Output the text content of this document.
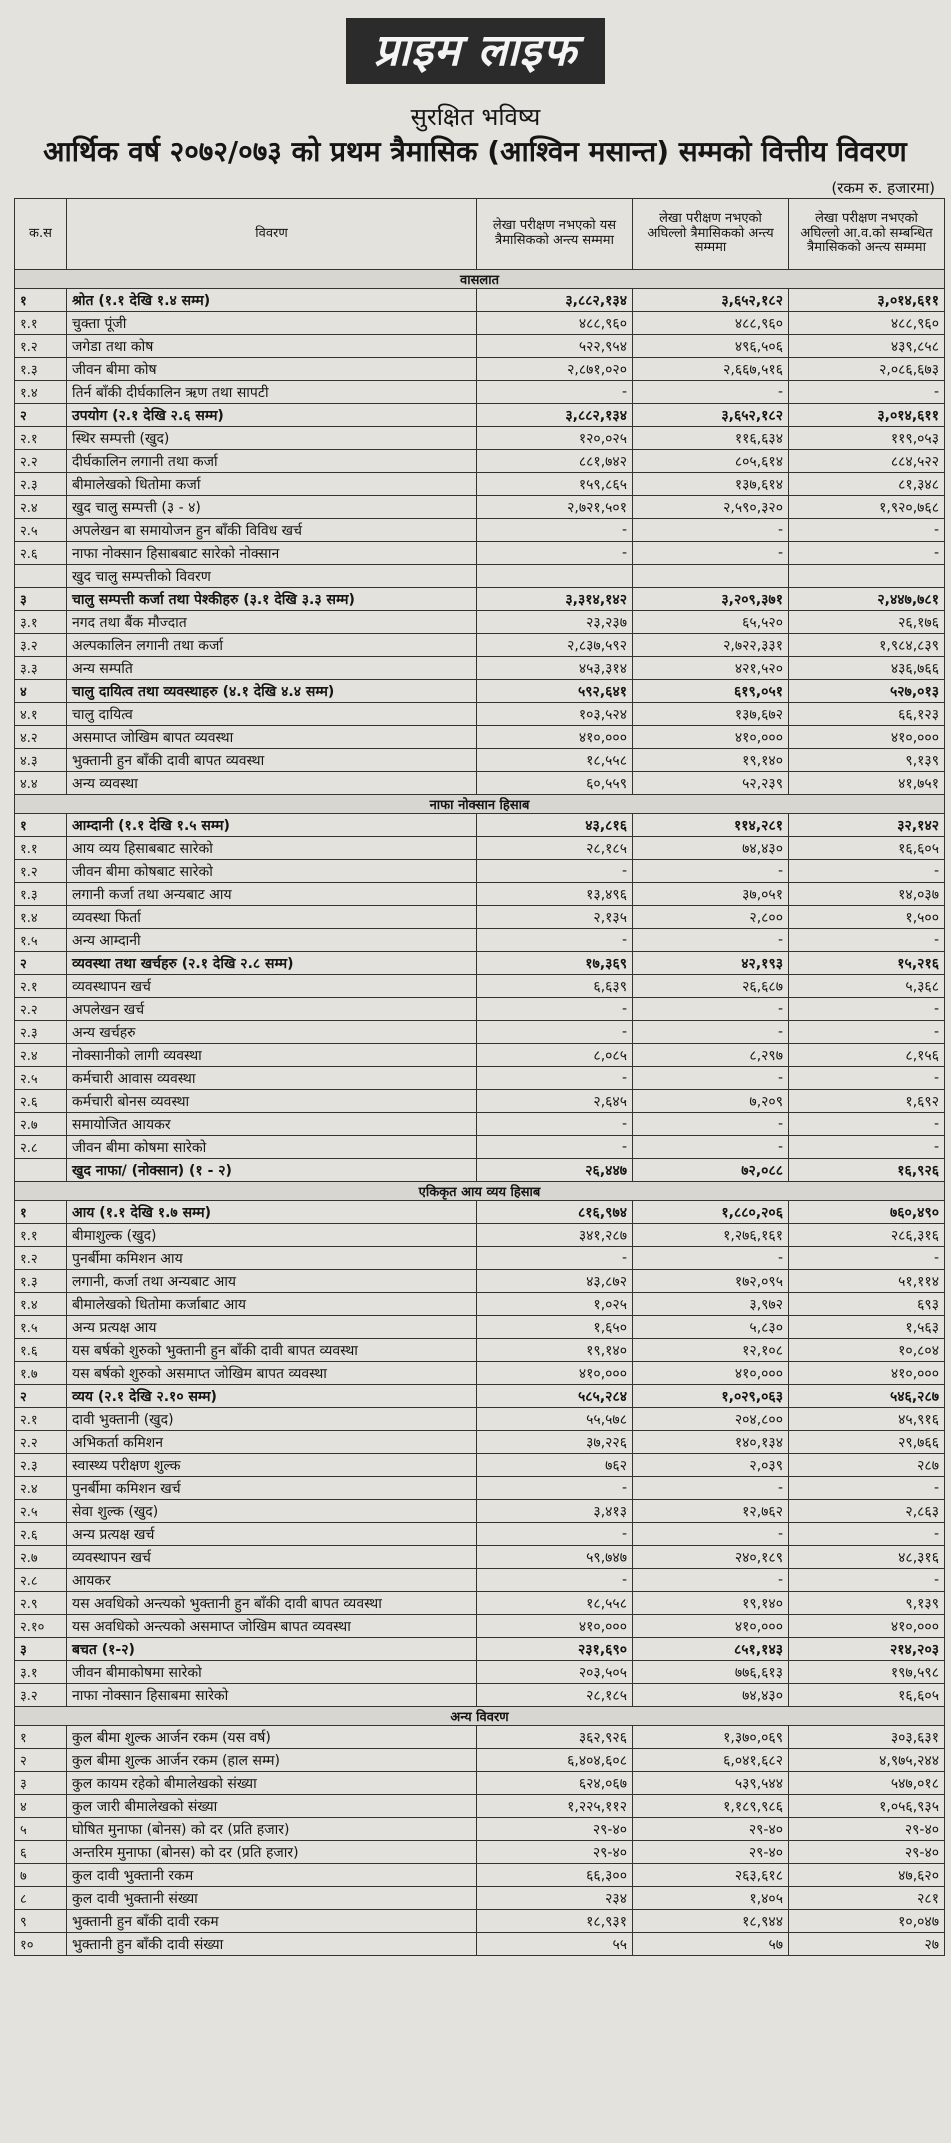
प्राइम लाइफ
सुरक्षित भविष्य
आर्थिक वर्ष २०७२/०७३ को प्रथम त्रैमासिक (आश्विन मसान्त) सम्मको वित्तीय विवरण
(रकम रु. हजारमा)
क.स	विवरण	लेखा परीक्षण नभएको यस त्रैमासिकको अन्त्य सम्ममा	लेखा परीक्षण नभएको अघिल्लो त्रैमासिकको अन्त्य सम्ममा	लेखा परीक्षण नभएको अघिल्लो आ.व.को सम्बन्धित त्रैमासिकको अन्त्य सम्ममा
वासलात				
१	श्रोत (१.१ देखि १.४ सम्म)	३,८८२,१३४	३,६५२,१८२	३,०१४,६११
१.१	चुक्ता पूंजी	४८८,९६०	४८८,९६०	४८८,९६०
१.२	जगेडा तथा कोष	५२२,९५४	४९६,५०६	४३९,८५८
१.३	जीवन बीमा कोष	२,८७१,०२०	२,६६७,५१६	२,०८६,६७३
१.४	तिर्न बाँकी दीर्घकालिन ऋण तथा सापटी	-	-	-
२	उपयोग (२.१ देखि २.६ सम्म)	३,८८२,१३४	३,६५२,१८२	३,०१४,६११
२.१	स्थिर सम्पत्ती (खुद)	१२०,०२५	११६,६३४	११९,०५३
२.२	दीर्घकालिन लगानी तथा कर्जा	८८१,७४२	८०५,६१४	८८४,५२२
२.३	बीमालेखको धितोमा कर्जा	१५९,८६५	१३७,६१४	८१,३४८
२.४	खुद चालु सम्पत्ती (३ - ४)	२,७२१,५०१	२,५९०,३२०	१,९२०,७६८
२.५	अपलेखन बा समायोजन हुन बाँकी विविध खर्च	-	-	-
२.६	नाफा नोक्सान हिसाबबाट सारेको नोक्सान	-	-	-
	खुद चालु सम्पत्तीको विवरण			
३	चालु सम्पत्ती कर्जा तथा पेश्कीहरु (३.१ देखि ३.३ सम्म)	३,३१४,१४२	३,२०९,३७१	२,४४७,७८१
३.१	नगद तथा बैंक मौज्दात	२३,२३७	६५,५२०	२६,१७६
३.२	अल्पकालिन लगानी तथा कर्जा	२,८३७,५९२	२,७२२,३३१	१,९८४,८३९
३.३	अन्य सम्पति	४५३,३१४	४२१,५२०	४३६,७६६
४	चालु दायित्व तथा व्यवस्थाहरु (४.१ देखि ४.४ सम्म)	५९२,६४१	६१९,०५१	५२७,०१३
४.१	चालु दायित्व	१०३,५२४	१३७,६७२	६६,१२३
४.२	असमाप्त जोखिम बापत व्यवस्था	४१०,०००	४१०,०००	४१०,०००
४.३	भुक्तानी हुन बाँकी दावी बापत व्यवस्था	१८,५५८	१९,१४०	९,१३९
४.४	अन्य व्यवस्था	६०,५५९	५२,२३९	४१,७५१
नाफा नोक्सान हिसाब				
१	आम्दानी (१.१ देखि १.५ सम्म)	४३,८१६	११४,२८१	३२,१४२
१.१	आय व्यय हिसाबबाट सारेको	२८,१८५	७४,४३०	१६,६०५
१.२	जीवन बीमा कोषबाट सारेको	-	-	-
१.३	लगानी कर्जा तथा अन्यबाट आय	१३,४९६	३७,०५१	१४,०३७
१.४	व्यवस्था फिर्ता	२,१३५	२,८००	१,५००
१.५	अन्य आम्दानी	-	-	-
२	व्यवस्था तथा खर्चहरु (२.१ देखि २.८ सम्म)	१७,३६९	४२,१९३	१५,२१६
२.१	व्यवस्थापन खर्च	६,६३९	२६,६८७	५,३६८
२.२	अपलेखन खर्च	-	-	-
२.३	अन्य खर्चहरु	-	-	-
२.४	नोक्सानीको लागी व्यवस्था	८,०८५	८,२९७	८,१५६
२.५	कर्मचारी आवास व्यवस्था	-	-	-
२.६	कर्मचारी बोनस व्यवस्था	२,६४५	७,२०९	१,६९२
२.७	समायोजित आयकर	-	-	-
२.८	जीवन बीमा कोषमा सारेको	-	-	-
	खुद नाफा/ (नोक्सान) (१ - २)	२६,४४७	७२,०८८	१६,९२६
एकिकृत आय व्यय हिसाब				
१	आय (१.१ देखि १.७ सम्म)	८१६,९७४	१,८८०,२०६	७६०,४९०
१.१	बीमाशुल्क (खुद)	३४१,२८७	१,२७६,१६१	२८६,३१६
१.२	पुनर्बीमा कमिशन आय	-	-	-
१.३	लगानी, कर्जा तथा अन्यबाट आय	४३,८७२	१७२,०९५	५१,११४
१.४	बीमालेखको धितोमा कर्जाबाट आय	१,०२५	३,९७२	६९३
१.५	अन्य प्रत्यक्ष आय	१,६५०	५,८३०	१,५६३
१.६	यस बर्षको शुरुको भुक्तानी हुन बाँकी दावी बापत व्यवस्था	१९,१४०	१२,१०८	१०,८०४
१.७	यस बर्षको शुरुको असमाप्त जोखिम बापत व्यवस्था	४१०,०००	४१०,०००	४१०,०००
२	व्यय (२.१ देखि २.१० सम्म)	५८५,२८४	१,०२९,०६३	५४६,२८७
२.१	दावी भुक्तानी (खुद)	५५,५७८	२०४,८००	४५,९१६
२.२	अभिकर्ता कमिशन	३७,२२६	१४०,१३४	२९,७६६
२.३	स्वास्थ्य परीक्षण शुल्क	७६२	२,०३९	२८७
२.४	पुनर्बीमा कमिशन खर्च	-	-	-
२.५	सेवा शुल्क (खुद)	३,४१३	१२,७६२	२,८६३
२.६	अन्य प्रत्यक्ष खर्च	-	-	-
२.७	व्यवस्थापन खर्च	५९,७४७	२४०,१८९	४८,३१६
२.८	आयकर	-	-	-
२.९	यस अवधिको अन्त्यको भुक्तानी हुन बाँकी दावी बापत व्यवस्था	१८,५५८	१९,१४०	९,१३९
२.१०	यस अवधिको अन्त्यको असमाप्त जोखिम बापत व्यवस्था	४१०,०००	४१०,०००	४१०,०००
३	बचत (१-२)	२३१,६९०	८५१,१४३	२१४,२०३
३.१	जीवन बीमाकोषमा सारेको	२०३,५०५	७७६,६१३	१९७,५९८
३.२	नाफा नोक्सान हिसाबमा सारेको	२८,१८५	७४,४३०	१६,६०५
अन्य विवरण				
१	कुल बीमा शुल्क आर्जन रकम (यस वर्ष)	३६२,९२६	१,३७०,०६९	३०३,६३१
२	कुल बीमा शुल्क आर्जन रकम (हाल सम्म)	६,४०४,६०८	६,०४१,६८२	४,९७५,२४४
३	कुल कायम रहेको बीमालेखको संख्या	६२४,०६७	५३९,५४४	५४७,०१८
४	कुल जारी बीमालेखको संख्या	१,२२५,११२	१,१८९,९८६	१,०५६,९३५
५	घोषित मुनाफा (बोनस) को दर (प्रति हजार)	२९-४०	२९-४०	२९-४०
६	अन्तरिम मुनाफा (बोनस) को दर (प्रति हजार)	२९-४०	२९-४०	२९-४०
७	कुल दावी भुक्तानी रकम	६६,३००	२६३,६१८	४७,६२०
८	कुल दावी भुक्तानी संख्या	२३४	१,४०५	२८१
९	भुक्तानी हुन बाँकी दावी रकम	१८,९३१	१८,९४४	१०,०४७
१०	भुक्तानी हुन बाँकी दावी संख्या	५५	५७	२७
